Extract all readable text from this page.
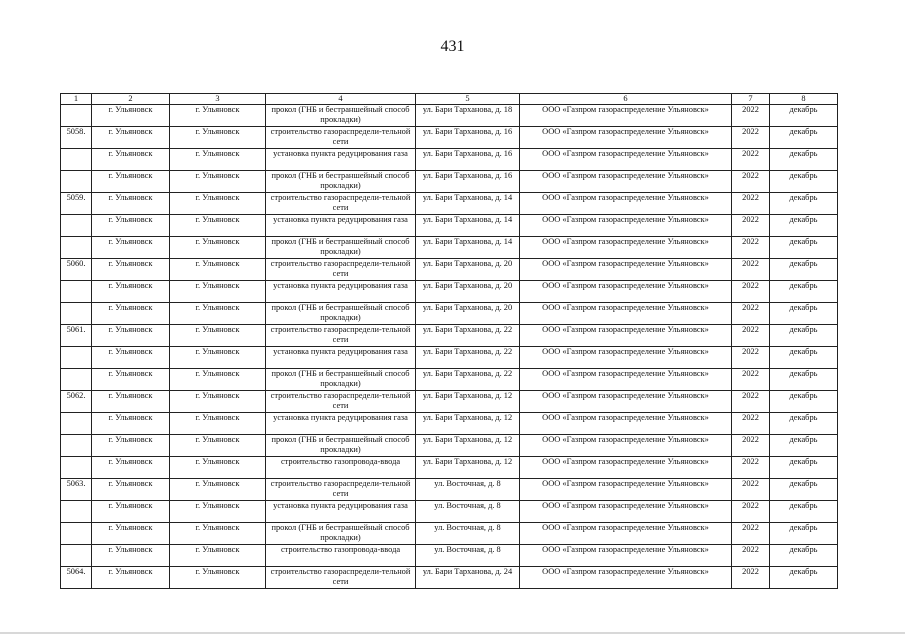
431
1	2	3	4	5	6	7	8
	г. Ульяновск	г. Ульяновск	прокол (ГНБ и бестраншейный способ прокладки)	ул. Бари Тарханова, д. 18	ООО «Газпром газораспределение Ульяновск»	2022	декабрь
5058.	г. Ульяновск	г. Ульяновск	строительство газораспредели-тельной сети	ул. Бари Тарханова, д. 16	ООО «Газпром газораспределение Ульяновск»	2022	декабрь
	г. Ульяновск	г. Ульяновск	установка пункта редуцирования газа	ул. Бари Тарханова, д. 16	ООО «Газпром газораспределение Ульяновск»	2022	декабрь
	г. Ульяновск	г. Ульяновск	прокол (ГНБ и бестраншейный способ прокладки)	ул. Бари Тарханова, д. 16	ООО «Газпром газораспределение Ульяновск»	2022	декабрь
5059.	г. Ульяновск	г. Ульяновск	строительство газораспредели-тельной сети	ул. Бари Тарханова, д. 14	ООО «Газпром газораспределение Ульяновск»	2022	декабрь
	г. Ульяновск	г. Ульяновск	установка пункта редуцирования газа	ул. Бари Тарханова, д. 14	ООО «Газпром газораспределение Ульяновск»	2022	декабрь
	г. Ульяновск	г. Ульяновск	прокол (ГНБ и бестраншейный способ прокладки)	ул. Бари Тарханова, д. 14	ООО «Газпром газораспределение Ульяновск»	2022	декабрь
5060.	г. Ульяновск	г. Ульяновск	строительство газораспредели-тельной сети	ул. Бари Тарханова, д. 20	ООО «Газпром газораспределение Ульяновск»	2022	декабрь
	г. Ульяновск	г. Ульяновск	установка пункта редуцирования газа	ул. Бари Тарханова, д. 20	ООО «Газпром газораспределение Ульяновск»	2022	декабрь
	г. Ульяновск	г. Ульяновск	прокол (ГНБ и бестраншейный способ прокладки)	ул. Бари Тарханова, д. 20	ООО «Газпром газораспределение Ульяновск»	2022	декабрь
5061.	г. Ульяновск	г. Ульяновск	строительство газораспредели-тельной сети	ул. Бари Тарханова, д. 22	ООО «Газпром газораспределение Ульяновск»	2022	декабрь
	г. Ульяновск	г. Ульяновск	установка пункта редуцирования газа	ул. Бари Тарханова, д. 22	ООО «Газпром газораспределение Ульяновск»	2022	декабрь
	г. Ульяновск	г. Ульяновск	прокол (ГНБ и бестраншейный способ прокладки)	ул. Бари Тарханова, д. 22	ООО «Газпром газораспределение Ульяновск»	2022	декабрь
5062.	г. Ульяновск	г. Ульяновск	строительство газораспредели-тельной сети	ул. Бари Тарханова, д. 12	ООО «Газпром газораспределение Ульяновск»	2022	декабрь
	г. Ульяновск	г. Ульяновск	установка пункта редуцирования газа	ул. Бари Тарханова, д. 12	ООО «Газпром газораспределение Ульяновск»	2022	декабрь
	г. Ульяновск	г. Ульяновск	прокол (ГНБ и бестраншейный способ прокладки)	ул. Бари Тарханова, д. 12	ООО «Газпром газораспределение Ульяновск»	2022	декабрь
	г. Ульяновск	г. Ульяновск	строительство газопровода-ввода	ул. Бари Тарханова, д. 12	ООО «Газпром газораспределение Ульяновск»	2022	декабрь
5063.	г. Ульяновск	г. Ульяновск	строительство газораспредели-тельной сети	ул. Восточная, д. 8	ООО «Газпром газораспределение Ульяновск»	2022	декабрь
	г. Ульяновск	г. Ульяновск	установка пункта редуцирования газа	ул. Восточная, д. 8	ООО «Газпром газораспределение Ульяновск»	2022	декабрь
	г. Ульяновск	г. Ульяновск	прокол (ГНБ и бестраншейный способ прокладки)	ул. Восточная, д. 8	ООО «Газпром газораспределение Ульяновск»	2022	декабрь
	г. Ульяновск	г. Ульяновск	строительство газопровода-ввода	ул. Восточная, д. 8	ООО «Газпром газораспределение Ульяновск»	2022	декабрь
5064.	г. Ульяновск	г. Ульяновск	строительство газораспредели-тельной сети	ул. Бари Тарханова, д. 24	ООО «Газпром газораспределение Ульяновск»	2022	декабрь
